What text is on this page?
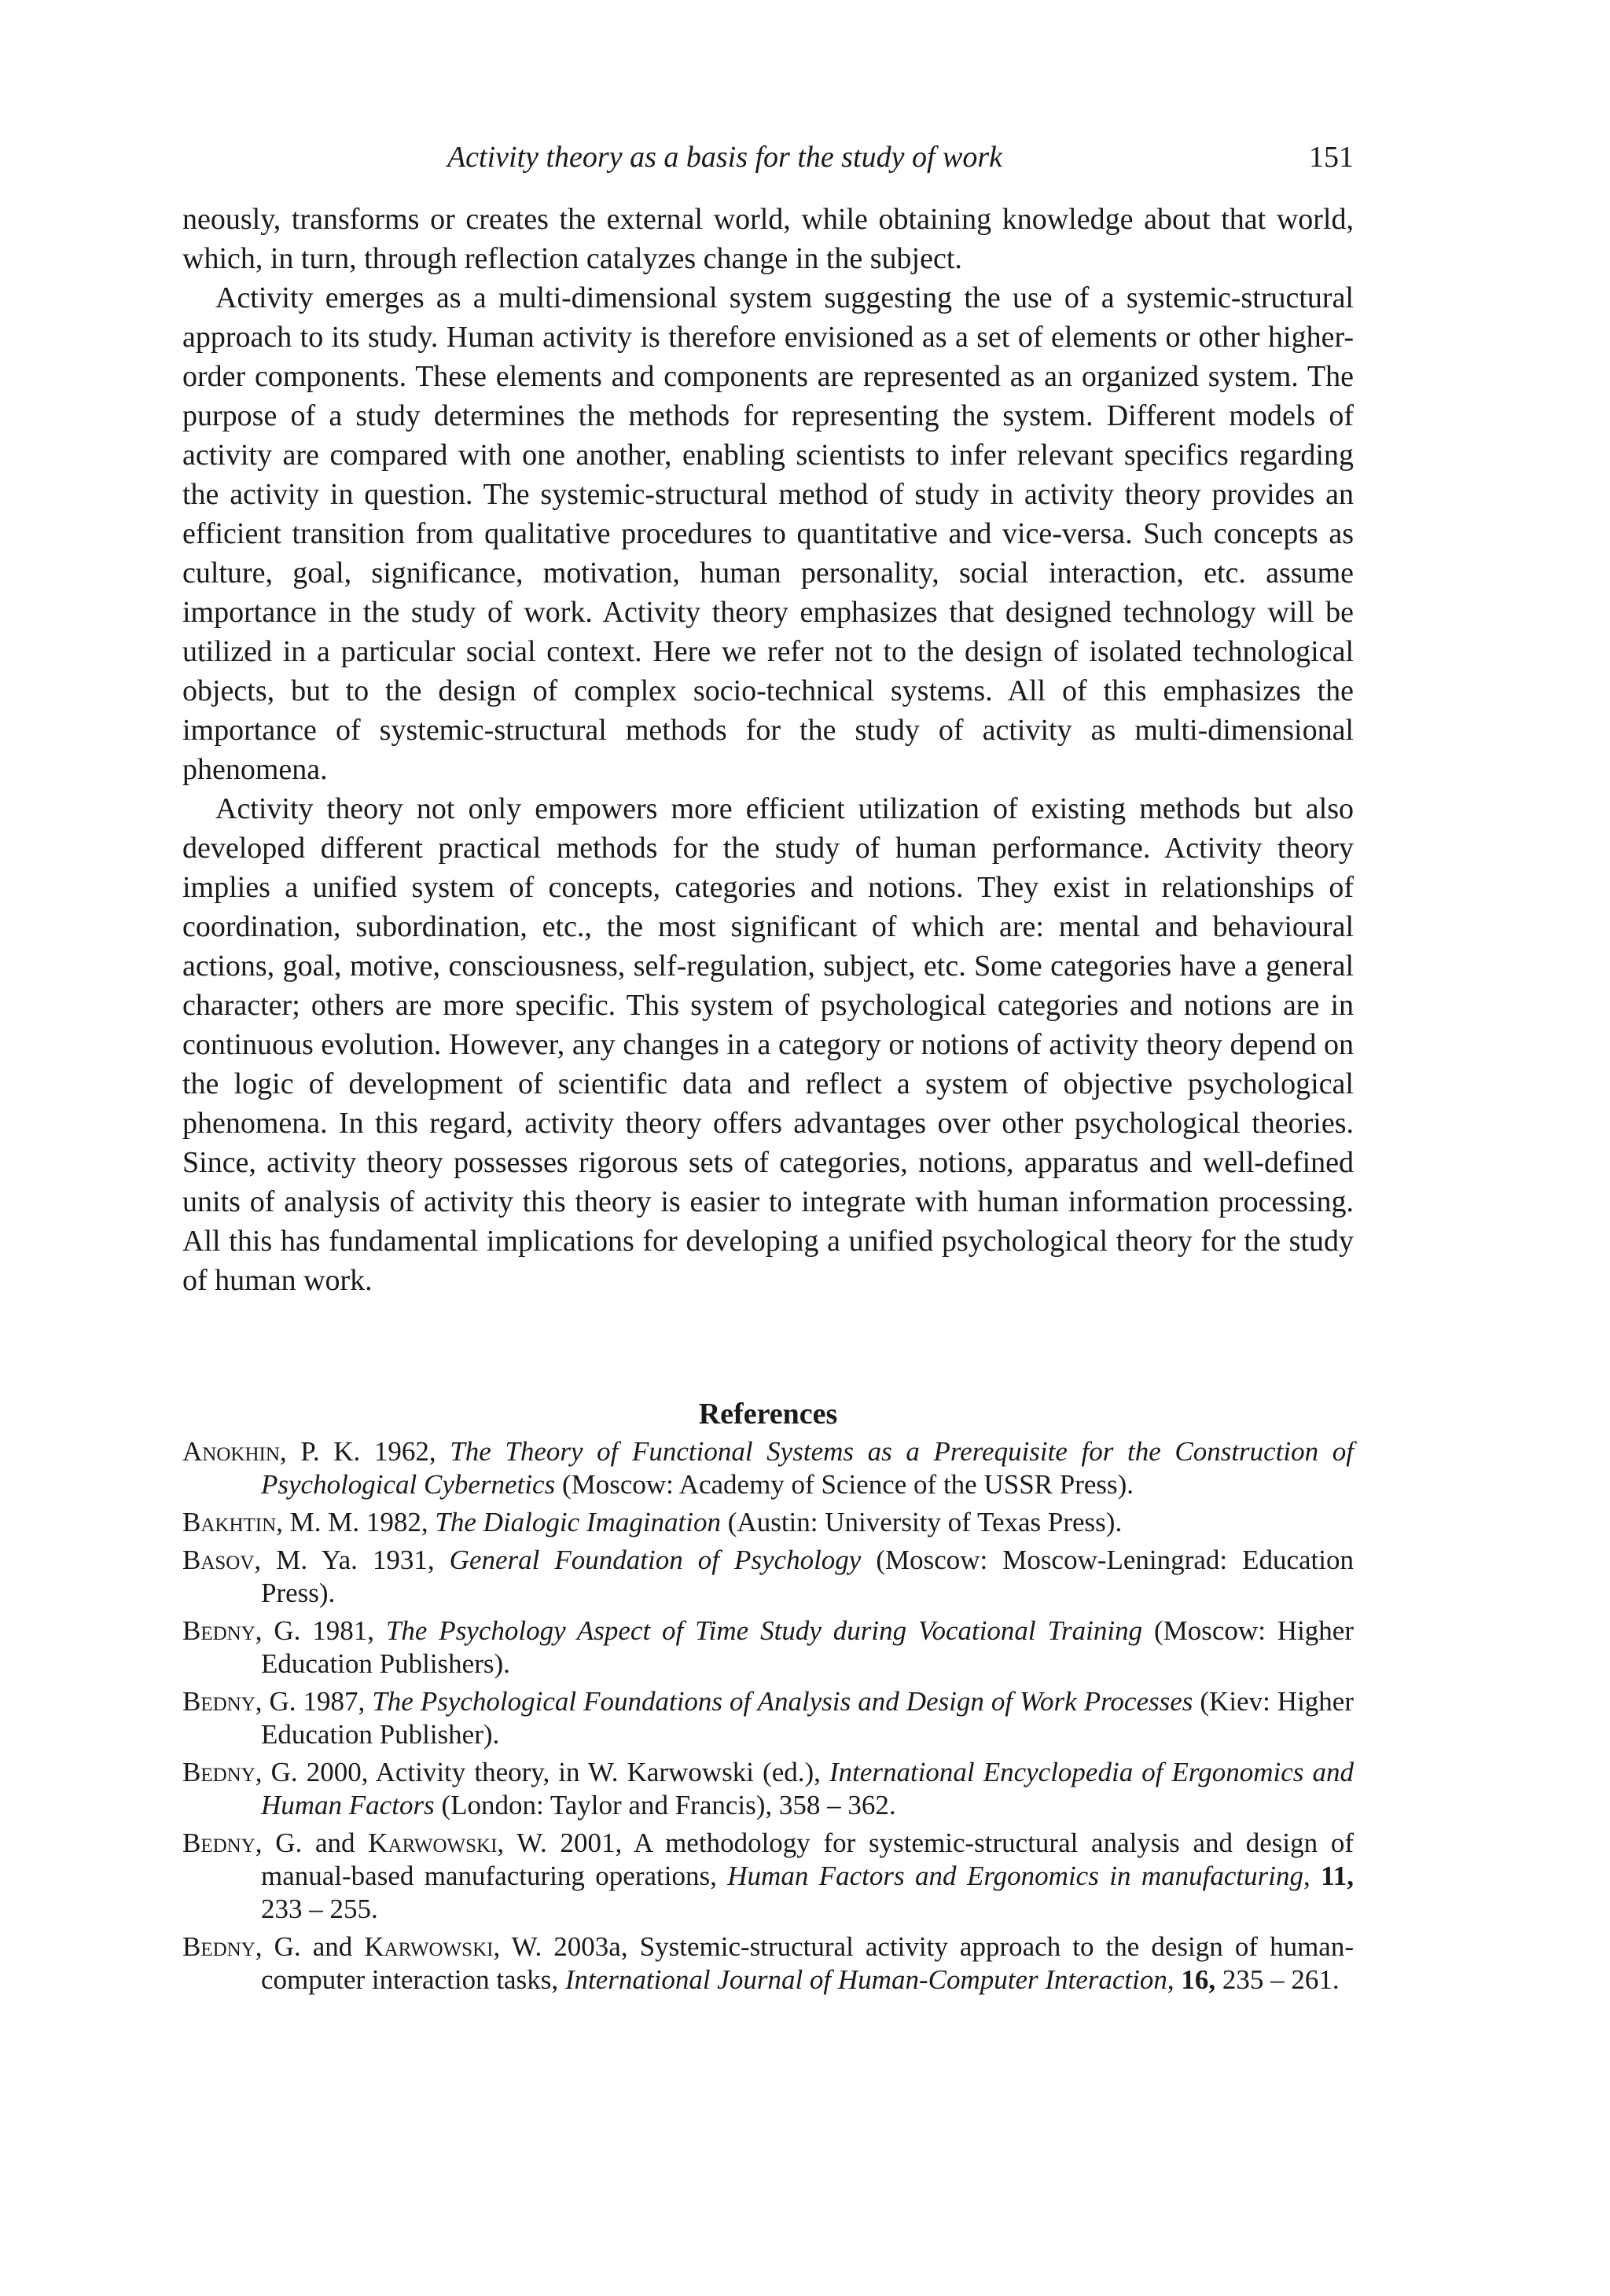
Activity theory as a basis for the study of work	151

neously, transforms or creates the external world, while obtaining knowledge about that world, which, in turn, through reflection catalyzes change in the subject.

Activity emerges as a multi-dimensional system suggesting the use of a systemic-structural approach to its study. Human activity is therefore envisioned as a set of elements or other higher-order components. These elements and components are represented as an organized system. The purpose of a study determines the methods for representing the system. Different models of activity are compared with one another, enabling scientists to infer relevant specifics regarding the activity in question. The systemic-structural method of study in activity theory provides an efficient transition from qualitative procedures to quantitative and vice-versa. Such concepts as culture, goal, significance, motivation, human personality, social interaction, etc. assume importance in the study of work. Activity theory emphasizes that designed technology will be utilized in a particular social context. Here we refer not to the design of isolated technological objects, but to the design of complex socio-technical systems. All of this emphasizes the importance of systemic-structural methods for the study of activity as multi-dimensional phenomena.

Activity theory not only empowers more efficient utilization of existing methods but also developed different practical methods for the study of human performance. Activity theory implies a unified system of concepts, categories and notions. They exist in relationships of coordination, subordination, etc., the most significant of which are: mental and behavioural actions, goal, motive, consciousness, self-regulation, subject, etc. Some categories have a general character; others are more specific. This system of psychological categories and notions are in continuous evolution. However, any changes in a category or notions of activity theory depend on the logic of development of scientific data and reflect a system of objective psychological phenomena. In this regard, activity theory offers advantages over other psychological theories. Since, activity theory possesses rigorous sets of categories, notions, apparatus and well-defined units of analysis of activity this theory is easier to integrate with human information processing. All this has fundamental implications for developing a unified psychological theory for the study of human work.

References
Anokhin, P. K. 1962, The Theory of Functional Systems as a Prerequisite for the Construction of Psychological Cybernetics (Moscow: Academy of Science of the USSR Press).
Bakhtin, M. M. 1982, The Dialogic Imagination (Austin: University of Texas Press).
Basov, M. Ya. 1931, General Foundation of Psychology (Moscow: Moscow-Leningrad: Education Press).
Bedny, G. 1981, The Psychology Aspect of Time Study during Vocational Training (Moscow: Higher Education Publishers).
Bedny, G. 1987, The Psychological Foundations of Analysis and Design of Work Processes (Kiev: Higher Education Publisher).
Bedny, G. 2000, Activity theory, in W. Karwowski (ed.), International Encyclopedia of Ergonomics and Human Factors (London: Taylor and Francis), 358 – 362.
Bedny, G. and Karwowski, W. 2001, A methodology for systemic-structural analysis and design of manual-based manufacturing operations, Human Factors and Ergonomics in manufacturing, 11, 233 – 255.
Bedny, G. and Karwowski, W. 2003a, Systemic-structural activity approach to the design of human-computer interaction tasks, International Journal of Human-Computer Interaction, 16, 235 – 261.
